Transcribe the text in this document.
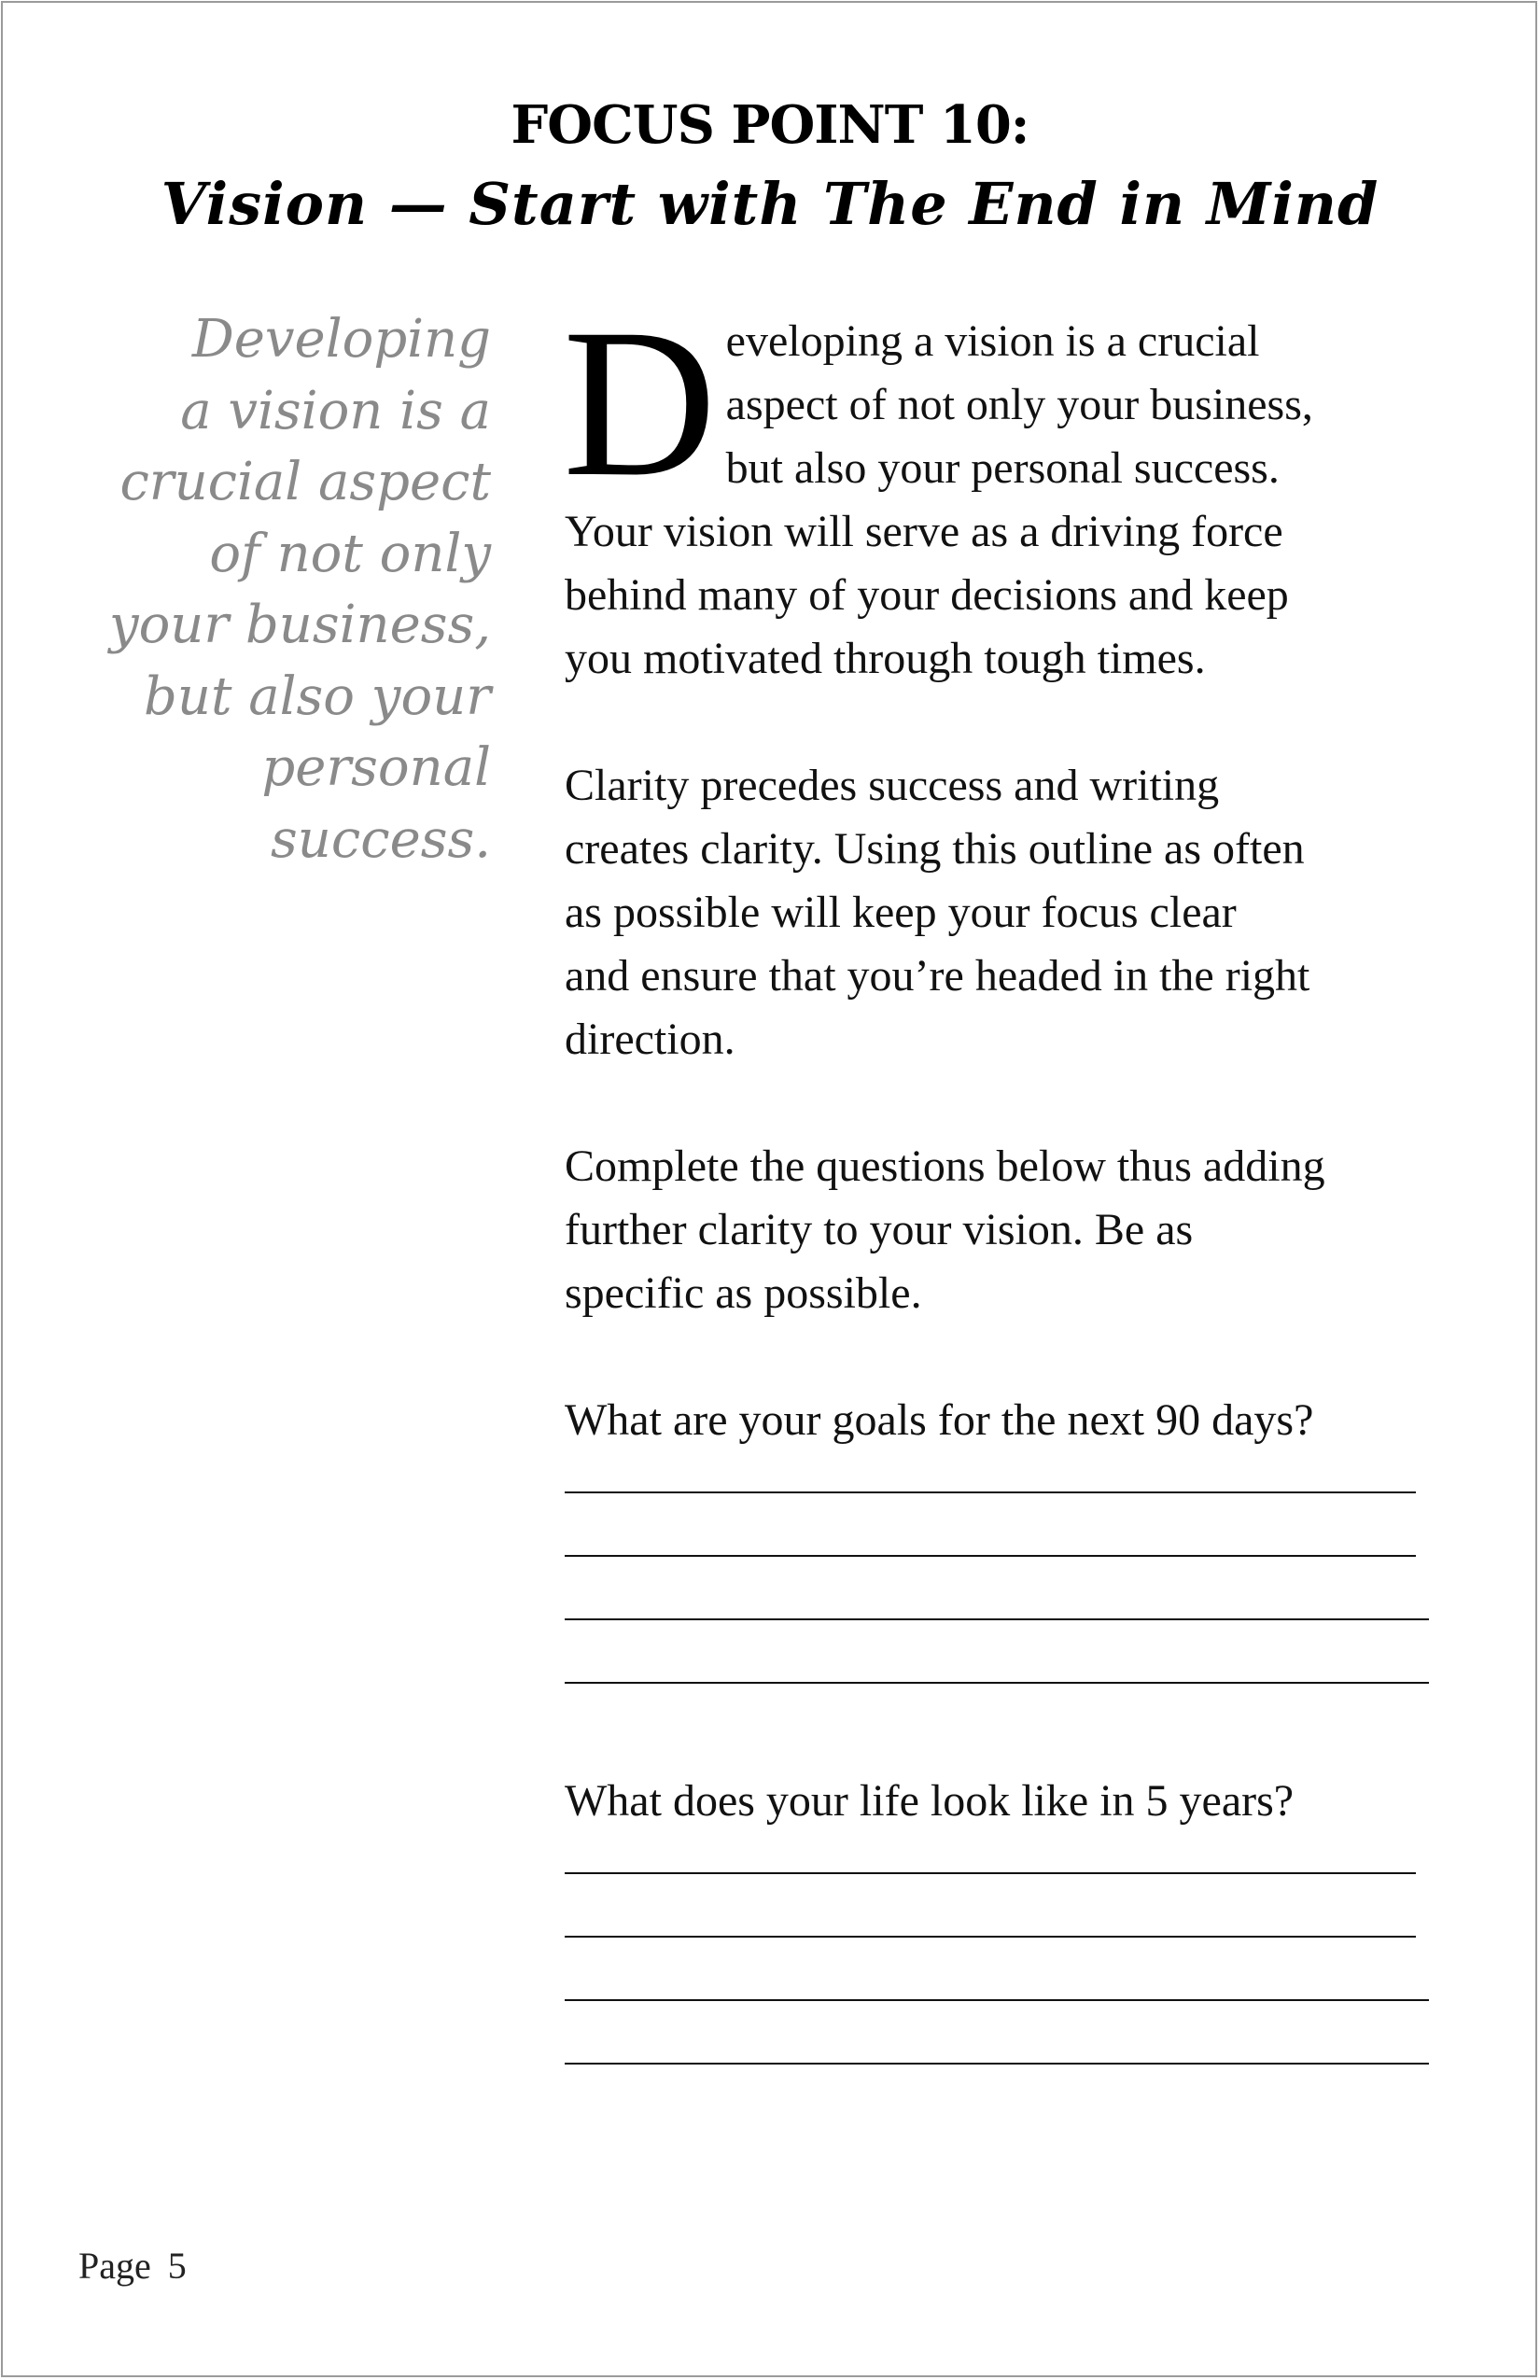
FOCUS POINT 10:
Vision — Start with The End in Mind
Developing
a vision is a
crucial aspect
of not only
your business,
but also your
personal
success.
D eveloping a vision is a crucial
aspect of not only your business,
but also your personal success.
Your vision will serve as a driving force
behind many of your decisions and keep
you motivated through tough times.
Clarity precedes success and writing
creates clarity. Using this outline as often
as possible will keep your focus clear
and ensure that you’re headed in the right
direction.
Complete the questions below thus adding
further clarity to your vision. Be as
specific as possible.
What are your goals for the next 90 days?
What does your life look like in 5 years?
Page 5
